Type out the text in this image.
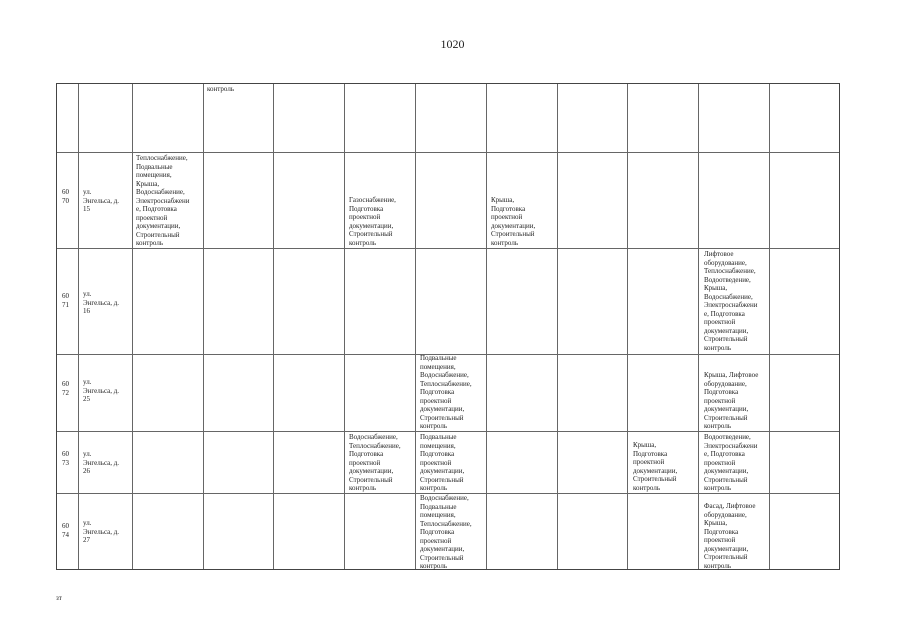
1020
контроль
60
70
ул.
Энгельса, д.
15
Теплоснабжение,
Подвальные
помещения,
Крыша,
Водоснабжение,
Электроснабжени
е, Подготовка
проектной
документации,
Строительный
контроль
Газоснабжение,
Подготовка
проектной
документации,
Строительный
контроль
Крыша,
Подготовка
проектной
документации,
Строительный
контроль
60
71
ул.
Энгельса, д.
16
Лифтовое
оборудование,
Теплоснабжение,
Водоотведение,
Крыша,
Водоснабжение,
Электроснабжени
е, Подготовка
проектной
документации,
Строительный
контроль
60
72
ул.
Энгельса, д.
25
Подвальные
помещения,
Водоснабжение,
Теплоснабжение,
Подготовка
проектной
документации,
Строительный
контроль
Крыша, Лифтовое
оборудование,
Подготовка
проектной
документации,
Строительный
контроль
60
73
ул.
Энгельса, д.
26
Водоснабжение,
Теплоснабжение,
Подготовка
проектной
документации,
Строительный
контроль
Подвальные
помещения,
Подготовка
проектной
документации,
Строительный
контроль
Крыша,
Подготовка
проектной
документации,
Строительный
контроль
Водоотведение,
Электроснабжени
е, Подготовка
проектной
документации,
Строительный
контроль
60
74
ул.
Энгельса, д.
27
Водоснабжение,
Подвальные
помещения,
Теплоснабжение,
Подготовка
проектной
документации,
Строительный
контроль
Фасад, Лифтовое
оборудование,
Крыша,
Подготовка
проектной
документации,
Строительный
контроль
зт
